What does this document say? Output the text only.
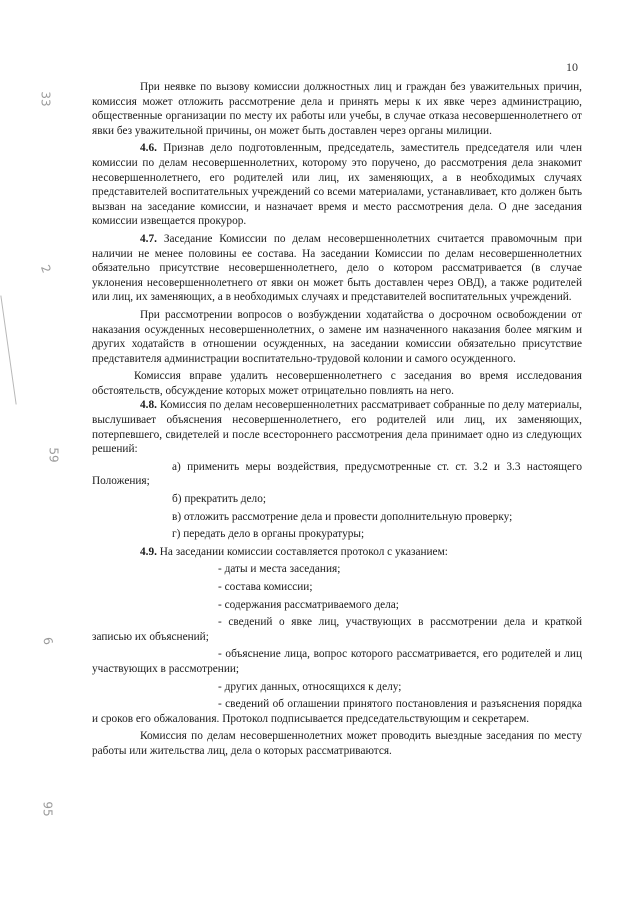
10
33
2
59
6
95

При неявке по вызову комиссии должностных лиц и граждан без уважительных причин, комиссия может отложить рассмотрение дела и принять меры к их явке через администрацию, общественные организации по месту их работы или учебы, в случае отказа несовершеннолетнего от явки без уважительной причины, он может быть доставлен через органы милиции.

4.6. Признав дело подготовленным, председатель, заместитель председателя или член комиссии по делам несовершеннолетних, которому это поручено, до рассмотрения дела знакомит несовершеннолетнего, его родителей или лиц, их заменяющих, а в необходимых случаях представителей воспитательных учреждений со всеми материалами, устанавливает, кто должен быть вызван на заседание комиссии, и назначает время и место рассмотрения дела. О дне заседания комиссии извещается прокурор.

4.7. Заседание Комиссии по делам несовершеннолетних считается правомочным при наличии не менее половины ее состава. На заседании Комиссии по делам несовершеннолетних обязательно присутствие несовершеннолетнего, дело о котором рассматривается (в случае уклонения несовершеннолетнего от явки он может быть доставлен через ОВД), а также родителей или лиц, их заменяющих, а в необходимых случаях и представителей воспитательных учреждений.

При рассмотрении вопросов о возбуждении ходатайства о досрочном освобождении от наказания осужденных несовершеннолетних, о замене им назначенного наказания более мягким и других ходатайств в отношении осужденных, на заседании комиссии обязательно присутствие представителя администрации воспитательно-трудовой колонии и самого осужденного.

Комиссия вправе удалить несовершеннолетнего с заседания во время исследования обстоятельств, обсуждение которых может отрицательно повлиять на него.

4.8. Комиссия по делам несовершеннолетних рассматривает собранные по делу материалы, выслушивает объяснения несовершеннолетнего, его родителей или лиц, их заменяющих, потерпевшего, свидетелей и после всестороннего рассмотрения дела принимает одно из следующих решений:

а) применить меры воздействия, предусмотренные ст. ст. 3.2 и 3.3 настоящего Положения;

б) прекратить дело;

в) отложить рассмотрение дела и провести дополнительную проверку;

г) передать дело в органы прокуратуры;

4.9. На заседании комиссии составляется протокол с указанием:

- даты и места заседания;

- состава комиссии;

- содержания рассматриваемого дела;

- сведений о явке лиц, участвующих в рассмотрении дела и краткой записью их объяснений;

- объяснение лица, вопрос которого рассматривается, его родителей и лиц участвующих в рассмотрении;

- других данных, относящихся к делу;

- сведений об оглашении принятого постановления и разъяснения порядка и сроков его обжалования. Протокол подписывается председательствующим и секретарем.

Комиссия по делам несовершеннолетних может проводить выездные заседания по месту работы или жительства лиц, дела о которых рассматриваются.
